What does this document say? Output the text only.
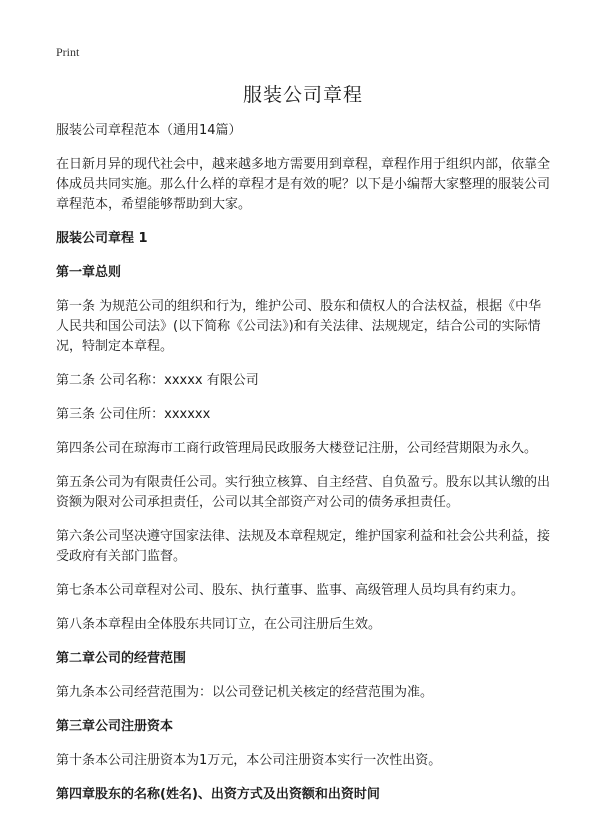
Print
服装公司章程

服装公司章程范本（通用14篇）

在日新月异的现代社会中，越来越多地方需要用到章程，章程作用于组织内部，依靠全体成员共同实施。那么什么样的章程才是有效的呢？以下是小编帮大家整理的服装公司章程范本，希望能够帮助到大家。

服装公司章程 1

第一章总则

第一条 为规范公司的组织和行为，维护公司、股东和债权人的合法权益，根据《中华人民共和国公司法》(以下简称《公司法》)和有关法律、法规规定，结合公司的实际情况，特制定本章程。

第二条 公司名称：xxxxx 有限公司

第三条 公司住所：xxxxxx

第四条公司在琼海市工商行政管理局民政服务大楼登记注册，公司经营期限为永久。

第五条公司为有限责任公司。实行独立核算、自主经营、自负盈亏。股东以其认缴的出资额为限对公司承担责任，公司以其全部资产对公司的债务承担责任。

第六条公司坚决遵守国家法律、法规及本章程规定，维护国家利益和社会公共利益，接受政府有关部门监督。

第七条本公司章程对公司、股东、执行董事、监事、高级管理人员均具有约束力。

第八条本章程由全体股东共同订立，在公司注册后生效。

第二章公司的经营范围

第九条本公司经营范围为：以公司登记机关核定的经营范围为准。

第三章公司注册资本

第十条本公司注册资本为1万元，本公司注册资本实行一次性出资。

第四章股东的名称(姓名)、出资方式及出资额和出资时间
